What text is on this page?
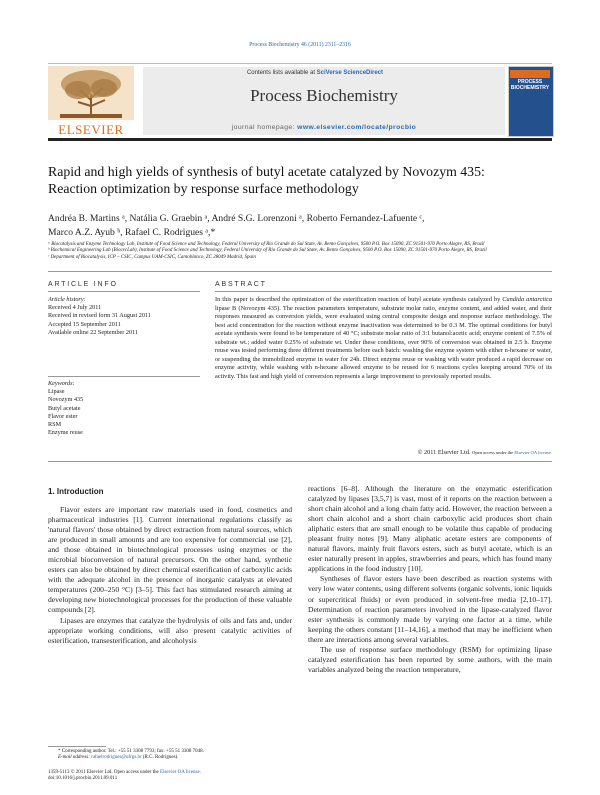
Process Biochemistry 46 (2011) 2311–2316
ELSEVIER
Contents lists available at SciVerse ScienceDirect
Process Biochemistry
journal homepage: www.elsevier.com/locate/procbio
PROCESS BIOCHEMISTRY
Rapid and high yields of synthesis of butyl acetate catalyzed by Novozym 435:
Reaction optimization by response surface methodology
Andréa B. Martins ᵃ, Natália G. Graebin ᵃ, André S.G. Lorenzoni ᵃ, Roberto Fernandez-Lafuente ᶜ,
Marco A.Z. Ayub ᵇ, Rafael C. Rodrigues ᵃ,*
ᵃ Biocatalysis and Enzyme Technology Lab, Institute of Food Science and Technology, Federal University of Rio Grande do Sul State, Av. Bento Gonçalves, 9500 P.O. Box 15090, ZC 91501-970 Porto Alegre, RS, Brazil
ᵇ Biochemical Engineering Lab (BiocecLab), Institute of Food Science and Technology, Federal University of Rio Grande do Sul State, Av. Bento Gonçalves, 9500 P.O. Box 15090, ZC 91501-970 Porto Alegre, RS, Brazil
ᶜ Department of Biocatalysis, ICP – CSIC, Campus UAM-CSIC, Cantoblanco, ZC 28049 Madrid, Spain
ARTICLE INFO	ABSTRACT
Article history:
Received 4 July 2011
Received in revised form 31 August 2011
Accepted 15 September 2011
Available online 22 September 2011
Keywords:
Lipase
Novozym 435
Butyl acetate
Flavor ester
RSM
Enzyme reuse
In this paper is described the optimization of the esterification reaction of butyl acetate synthesis catalyzed by Candida antarctica lipase B (Novozym 435). The reaction parameters temperature, substrate molar ratio, enzyme content, and added water, and their responses measured as conversion yields, were evaluated using central composite design and response surface methodology. The best acid concentration for the reaction without enzyme inactivation was determined to be 0.3 M. The optimal conditions for butyl acetate synthesis were found to be temperature of 40 °C; substrate molar ratio of 3:1 butanol:acetic acid; enzyme content of 7.5% of substrate wt.; added water 0.25% of substrate wt. Under these conditions, over 90% of conversion was obtained in 2.5 h. Enzyme reuse was tested performing three different treatments before each batch: washing the enzyme system with either n-hexane or water, or suspending the immobilized enzyme in water for 24h. Direct enzyme reuse or washing with water produced a rapid decrease on enzyme activity, while washing with n-hexane allowed enzyme to be reused for 6 reactions cycles keeping around 70% of its activity. This fast and high yield of conversion represents a large improvement to previously reported results.
© 2011 Elsevier Ltd. Open access under the Elsevier OA license.
1. Introduction

Flavor esters are important raw materials used in food, cosmetics and pharmaceutical industries [1]. Current international regulations classify as 'natural flavors' those obtained by direct extraction from natural sources, which are produced in small amounts and are too expensive for commercial use [2], and those obtained in biotechnological processes using enzymes or the microbial bioconversion of natural precursors. On the other hand, synthetic esters can also be obtained by direct chemical esterification of carboxylic acids with the adequate alcohol in the presence of inorganic catalysts at elevated temperatures (200–250 °C) [3–5]. This fact has stimulated research aiming at developing new biotechnological processes for the production of these valuable compounds [2].

Lipases are enzymes that catalyze the hydrolysis of oils and fats and, under appropriate working conditions, will also present catalytic activities of esterification, transesterification, and alcoholysis

reactions [6–8]. Although the literature on the enzymatic esterification catalyzed by lipases [3,5,7] is vast, most of it reports on the reaction between a short chain alcohol and a long chain fatty acid. However, the reaction between a short chain alcohol and a short chain carboxylic acid produces short chain aliphatic esters that are small enough to be volatile thus capable of producing pleasant fruity notes [9]. Many aliphatic acetate esters are components of natural flavors, mainly fruit flavors esters, such as butyl acetate, which is an ester naturally present in apples, strawberries and pears, which has found many applications in the food industry [10].

Syntheses of flavor esters have been described as reaction systems with very low water contents, using different solvents (organic solvents, ionic liquids or supercritical fluids) or even produced in solvent-free media [2,10–17]. Determination of reaction parameters involved in the lipase-catalyzed flavor ester synthesis is commonly made by varying one factor at a time, while keeping the others constant [11–14,16], a method that may be inefficient when there are interactions among several variables.

The use of response surface methodology (RSM) for optimizing lipase catalyzed esterification has been reported by some authors, with the main variables analyzed being the reaction temperature,

* Corresponding author. Tel.: +55 51 3308 7793; fax: +55 51 3308 7048.
E-mail address: rafaelrodrigues@ufrgs.br (R.C. Rodrigues).
1359-5113 © 2011 Elsevier Ltd. Open access under the Elsevier OA license.
doi:10.1016/j.procbio.2011.09.011
